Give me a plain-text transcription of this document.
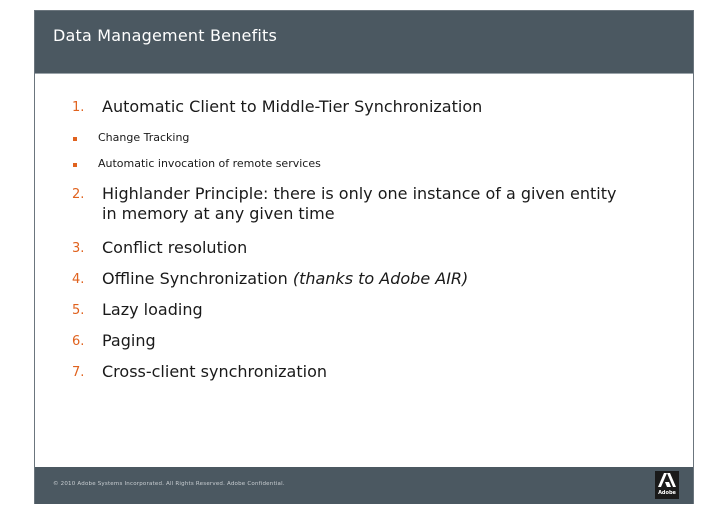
Data Management Benefits
1. Automatic Client to Middle-Tier Synchronization
Change Tracking
Automatic invocation of remote services
2. Highlander Principle: there is only one instance of a given entity in memory at any given time
3. Conflict resolution
4. Offline Synchronization (thanks to Adobe AIR)
5. Lazy loading
6. Paging
7. Cross-client synchronization
© 2010 Adobe Systems Incorporated. All Rights Reserved. Adobe Confidential.
Adobe
